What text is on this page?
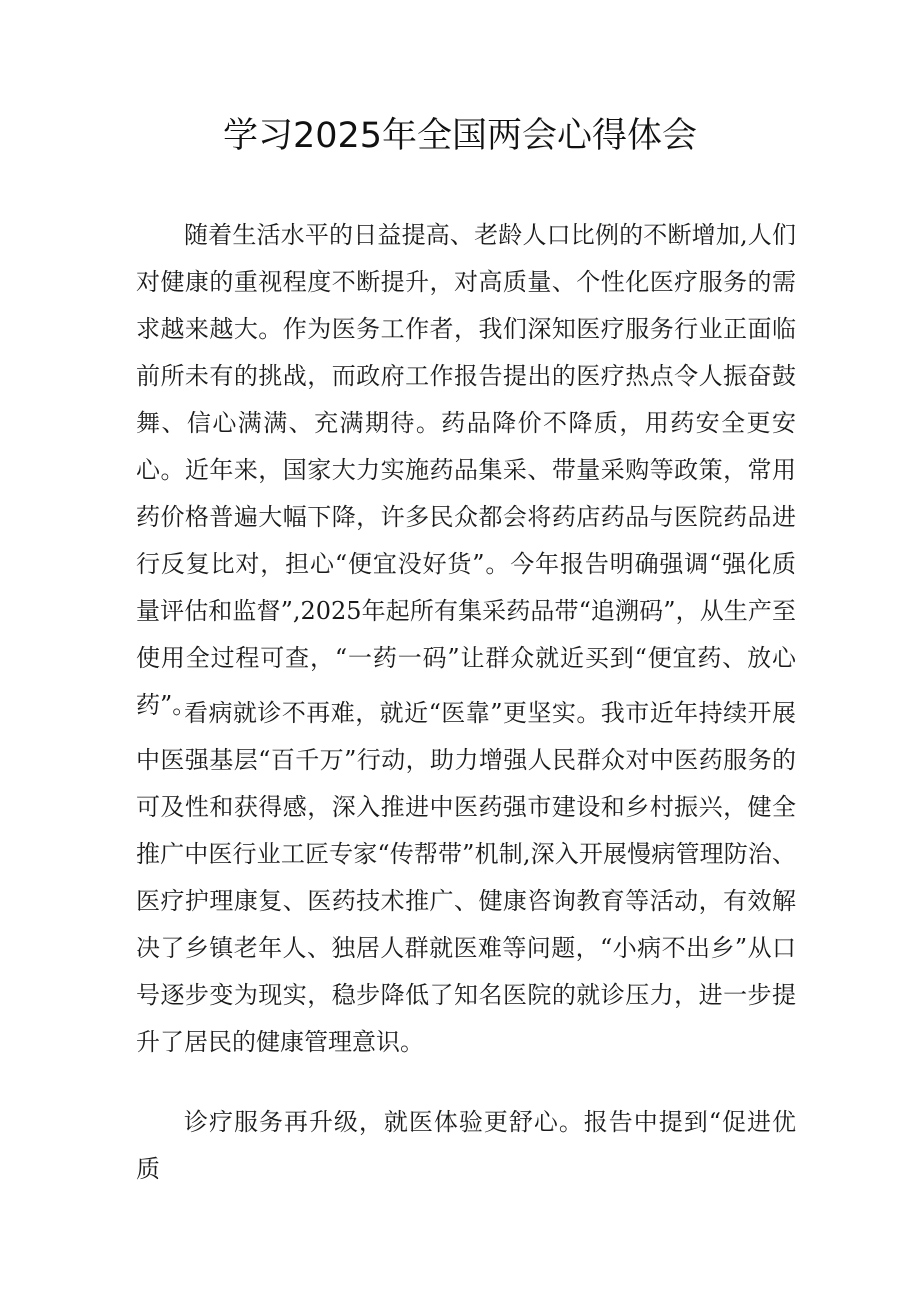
学习2025年全国两会心得体会

随着生活水平的日益提高、老龄人口比例的不断增加,人们对健康的重视程度不断提升，对高质量、个性化医疗服务的需求越来越大。作为医务工作者，我们深知医疗服务行业正面临前所未有的挑战，而政府工作报告提出的医疗热点令人振奋鼓舞、信心满满、充满期待。药品降价不降质，用药安全更安心。近年来，国家大力实施药品集采、带量采购等政策，常用药价格普遍大幅下降，许多民众都会将药店药品与医院药品进行反复比对，担心“便宜没好货”。今年报告明确强调“强化质量评估和监督”,2025年起所有集采药品带“追溯码”，从生产至使用全过程可查，“一药一码”让群众就近买到“便宜药、放心药”。

看病就诊不再难，就近“医靠”更坚实。我市近年持续开展中医强基层“百千万”行动，助力增强人民群众对中医药服务的可及性和获得感，深入推进中医药强市建设和乡村振兴，健全推广中医行业工匠专家“传帮带”机制,深入开展慢病管理防治、医疗护理康复、医药技术推广、健康咨询教育等活动，有效解决了乡镇老年人、独居人群就医难等问题，“小病不出乡”从口号逐步变为现实，稳步降低了知名医院的就诊压力，进一步提升了居民的健康管理意识。

诊疗服务再升级，就医体验更舒心。报告中提到“促进优质
